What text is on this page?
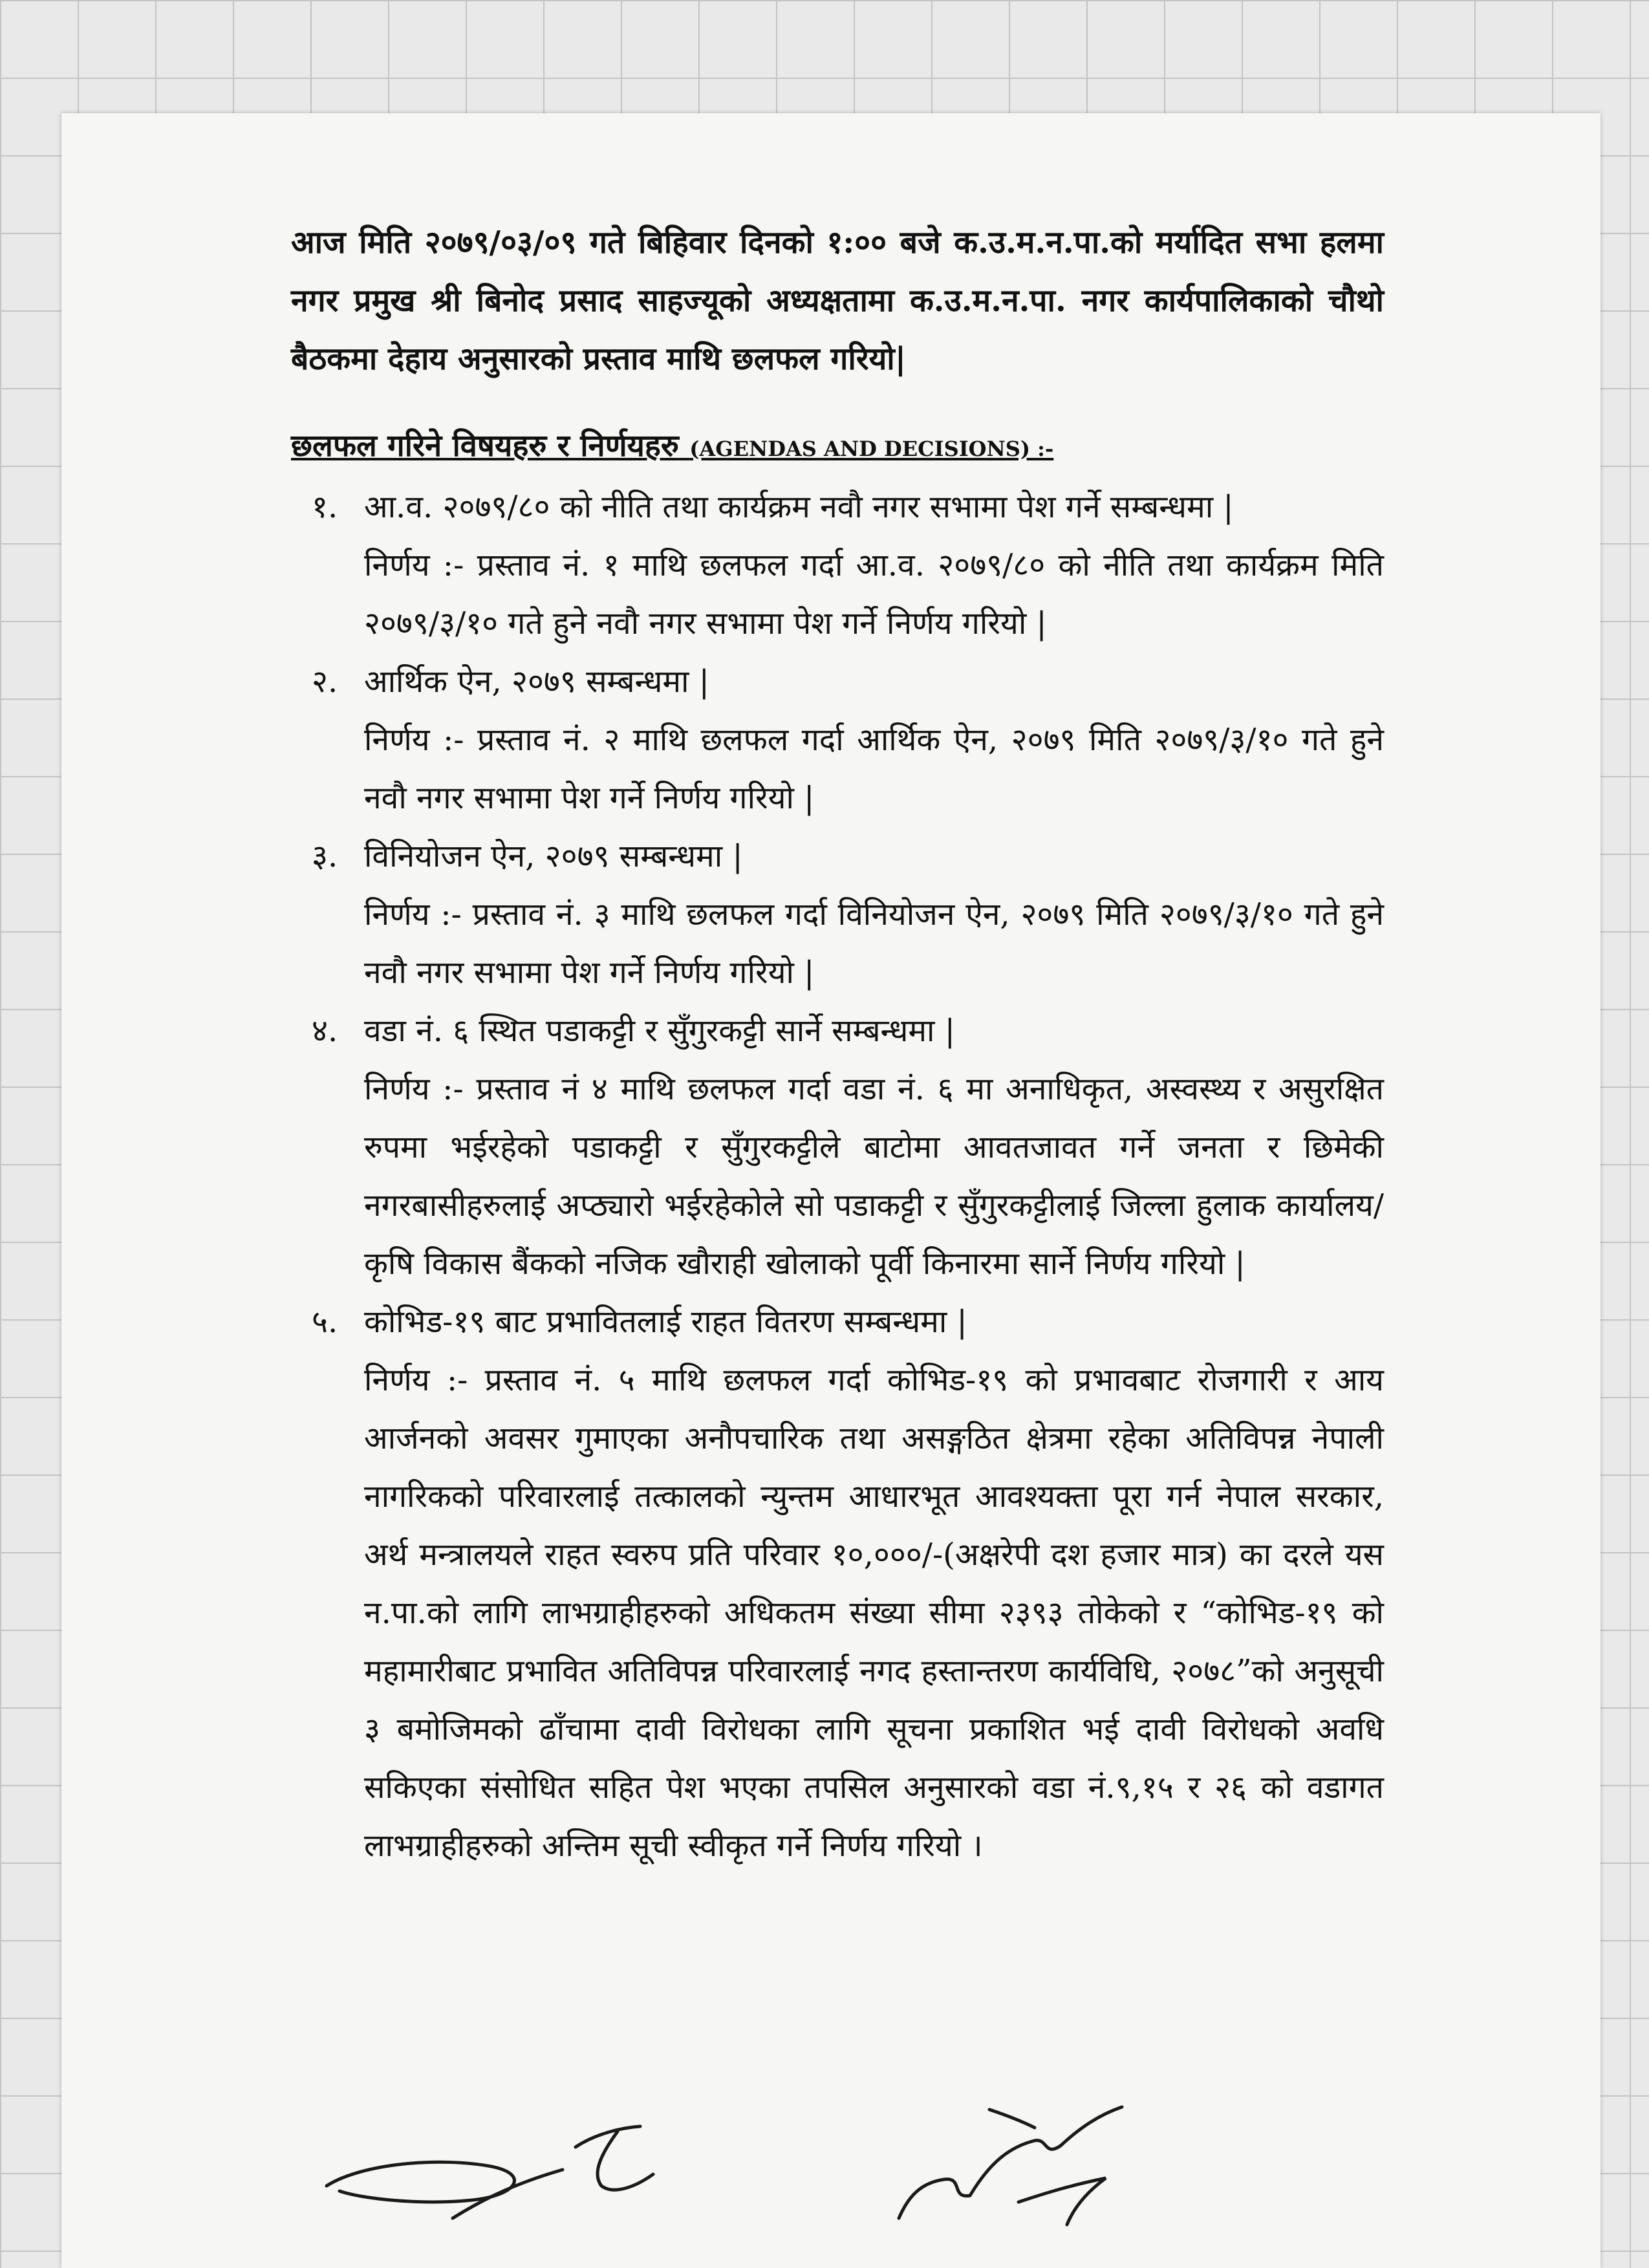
आज मिति २०७९/०३/०९ गते बिहिवार दिनको १:०० बजे क.उ.म.न.पा.को मर्यादित सभा हलमा नगर प्रमुख श्री बिनोद प्रसाद साहज्यूको अध्यक्षतामा क.उ.म.न.पा. नगर कार्यपालिकाको चौथो बैठकमा देहाय अनुसारको प्रस्ताव माथि छलफल गरियो|

छलफल गरिने विषयहरु र निर्णयहरु (AGENDAS AND DECISIONS) :-
१. आ.व. २०७९/८० को नीति तथा कार्यक्रम नवौ नगर सभामा पेश गर्ने सम्बन्धमा |

निर्णय :- प्रस्ताव नं. १ माथि छलफल गर्दा आ.व. २०७९/८० को नीति तथा कार्यक्रम मिति २०७९/३/१० गते हुने नवौ नगर सभामा पेश गर्ने निर्णय गरियो |

२. आर्थिक ऐन, २०७९ सम्बन्धमा |

निर्णय :- प्रस्ताव नं. २ माथि छलफल गर्दा आर्थिक ऐन, २०७९ मिति २०७९/३/१० गते हुने नवौ नगर सभामा पेश गर्ने निर्णय गरियो |

३. विनियोजन ऐन, २०७९ सम्बन्धमा |

निर्णय :- प्रस्ताव नं. ३ माथि छलफल गर्दा विनियोजन ऐन, २०७९ मिति २०७९/३/१० गते हुने नवौ नगर सभामा पेश गर्ने निर्णय गरियो |

४. वडा नं. ६ स्थित पडाकट्टी र सुँगुरकट्टी सार्ने सम्बन्धमा |

निर्णय :- प्रस्ताव नं ४ माथि छलफल गर्दा वडा नं. ६ मा अनाधिकृत, अस्वस्थ्य र असुरक्षित रुपमा भईरहेको पडाकट्टी र सुँगुरकट्टीले बाटोमा आवतजावत गर्ने जनता र छिमेकी नगरबासीहरुलाई अप्ठ्यारो भईरहेकोले सो पडाकट्टी र सुँगुरकट्टीलाई जिल्ला हुलाक कार्यालय/कृषि विकास बैंकको नजिक खौराही खोलाको पूर्वी किनारमा सार्ने निर्णय गरियो |

५. कोभिड-१९ बाट प्रभावितलाई राहत वितरण सम्बन्धमा |

निर्णय :- प्रस्ताव नं. ५ माथि छलफल गर्दा कोभिड-१९ को प्रभावबाट रोजगारी र आय आर्जनको अवसर गुमाएका अनौपचारिक तथा असङ्गठित क्षेत्रमा रहेका अतिविपन्न नेपाली नागरिकको परिवारलाई तत्कालको न्युन्तम आधारभूत आवश्यक्ता पूरा गर्न नेपाल सरकार, अर्थ मन्त्रालयले राहत स्वरुप प्रति परिवार १०,०००/-(अक्षरेपी दश हजार मात्र) का दरले यस न.पा.को लागि लाभग्राहीहरुको अधिकतम संख्या सीमा २३९३ तोकेको र “कोभिड-१९ को महामारीबाट प्रभावित अतिविपन्न परिवारलाई नगद हस्तान्तरण कार्यविधि, २०७८”को अनुसूची ३ बमोजिमको ढाँचामा दावी विरोधका लागि सूचना प्रकाशित भई दावी विरोधको अवधि सकिएका संसोधित सहित पेश भएका तपसिल अनुसारको वडा नं.९,१५ र २६ को वडागत लाभग्राहीहरुको अन्तिम सूची स्वीकृत गर्ने निर्णय गरियो ।
